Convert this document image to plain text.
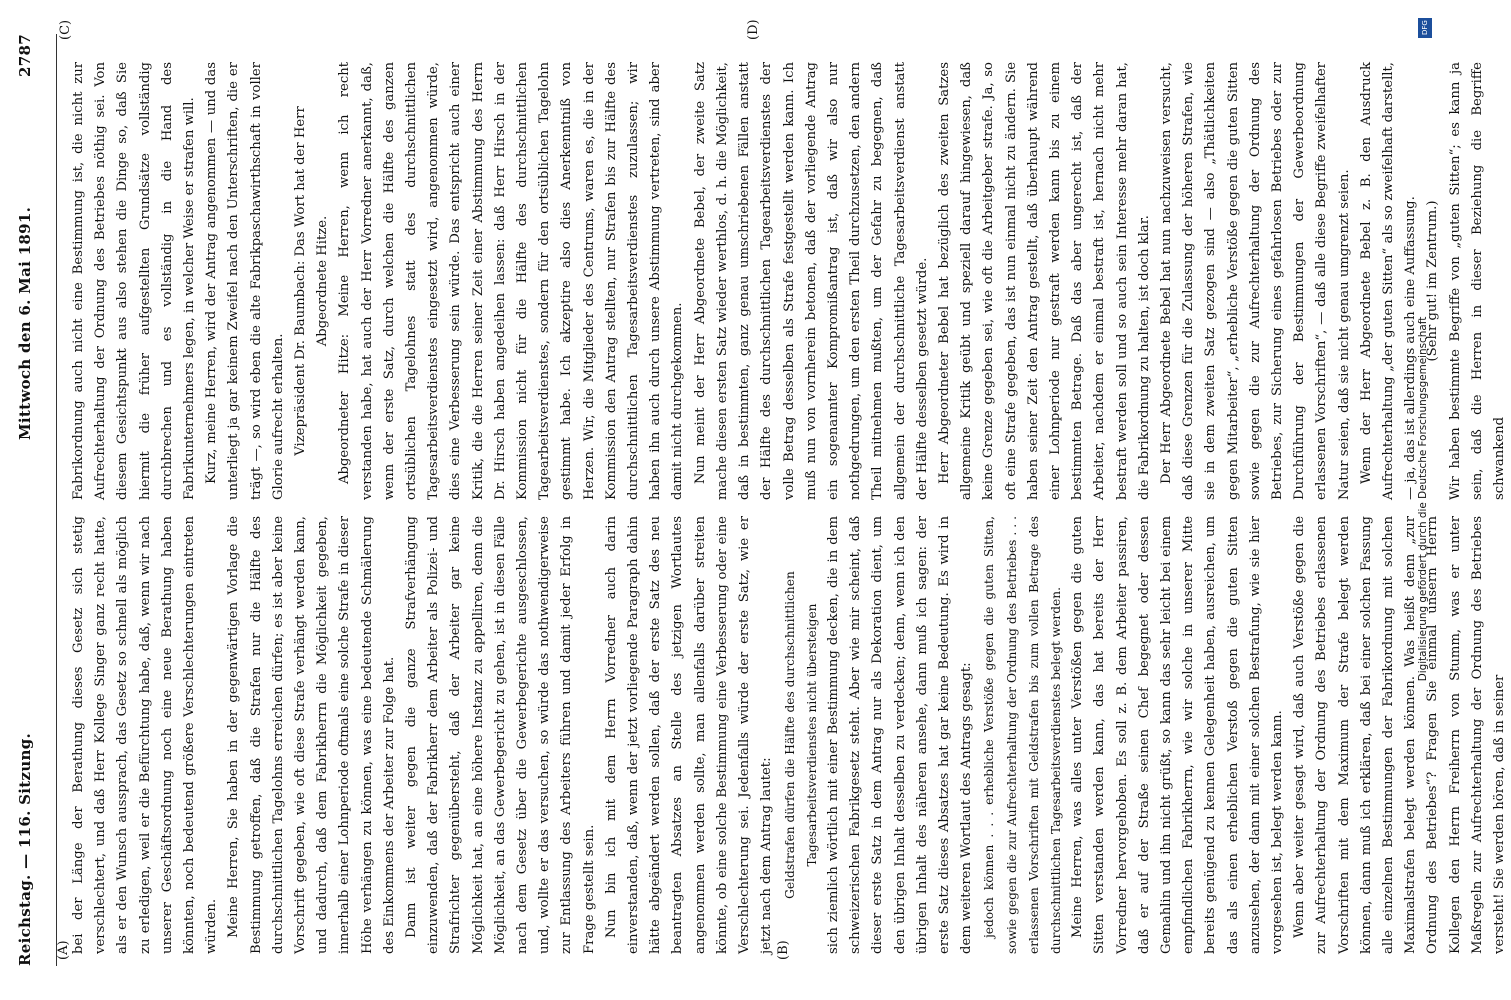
Reichstag. — 116. Sitzung.
Mittwoch den 6. Mai 1891.
2787
(A)	(B)
(C)	(D)

bei der Länge der Berathung dieses Gesetz sich stetig verschlechtert, und daß Herr Kollege Singer ganz recht hatte, als er den Wunsch aussprach, das Gesetz so schnell als möglich zu erledigen, weil er die Befürchtung habe, daß, wenn wir nach unserer Geschäftsordnung noch eine neue Berathung haben könnten, noch bedeutend größere Verschlechterungen eintreten würden. Meine Herren, Sie haben in der gegenwärtigen Vorlage die Bestimmung getroffen, daß die Strafen nur die Hälfte des durchschnittlichen Tagelohns erreichen dürfen; es ist aber keine Vorschrift gegeben, wie oft diese Strafe verhängt werden kann, und dadurch, daß dem Fabrikherrn die Möglichkeit gegeben, innerhalb einer Lohnperiode oftmals eine solche Strafe in dieser Höhe verhängen zu können, was eine bedeutende Schmälerung des Einkommens der Arbeiter zur Folge hat. Dann ist weiter gegen die ganze Strafverhängung einzuwenden, daß der Fabrikherr dem Arbeiter als Polizei- und Strafrichter gegenübersteht, daß der Arbeiter gar keine Möglichkeit hat, an eine höhere Instanz zu appelliren, denn die Möglichkeit, an das Gewerbegericht zu gehen, ist in diesen Fälle nach dem Gesetz über die Gewerbegerichte ausgeschlossen, und, wollte er das versuchen, so würde das nothwendigerweise zur Entlassung des Arbeiters führen und damit jeder Erfolg in Frage gestellt sein. Nun bin ich mit dem Herrn Vorredner auch darin einverstanden, daß, wenn der jetzt vorliegende Paragraph dahin hätte abgeändert werden sollen, daß der erste Satz des neu beantragten Absatzes an Stelle des jetzigen Wortlautes angenommen werden sollte, man allenfalls darüber streiten könnte, ob eine solche Bestimmung eine Verbesserung oder eine Verschlechterung sei. Jedenfalls würde der erste Satz, wie er jetzt nach dem Antrag lautet: Geldstrafen dürfen die Hälfte des durchschnittlichen Tagesarbeitsverdienstes nicht übersteigen sich ziemlich wörtlich mit einer Bestimmung decken, die in dem schweizerischen Fabrikgesetz steht. Aber wie mir scheint, daß dieser erste Satz in dem Antrag nur als Dekoration dient, um den übrigen Inhalt desselben zu verdecken; denn, wenn ich den übrigen Inhalt des näheren ansehe, dann muß ich sagen: der erste Satz dieses Absatzes hat gar keine Bedeutung. Es wird in dem weiteren Wortlaut des Antrags gesagt: jedoch können . . . erhebliche Verstöße gegen die guten Sitten, sowie gegen die zur Aufrechterhaltung der Ordnung des Betriebes . . . erlassenen Vorschriften mit Geldstrafen bis zum vollen Betrage des durchschnittlichen Tagesarbeitsverdienstes belegt werden. Meine Herren, was alles unter Verstößen gegen die guten Sitten verstanden werden kann, das hat bereits der Herr Vorredner hervorgehoben. Es soll z. B. dem Arbeiter passiren, daß er auf der Straße seinen Chef begegnet oder dessen Gemahlin und ihn nicht grüßt, so kann das sehr leicht bei einem empfindlichen Fabrikherrn, wie wir solche in unserer Mitte bereits genügend zu kennen Gelegenheit haben, ausreichen, um das als einen erheblichen Verstoß gegen die guten Sitten anzusehen, der dann mit einer solchen Bestrafung, wie sie hier vorgesehen ist, belegt werden kann. Wenn aber weiter gesagt wird, daß auch Verstöße gegen die zur Aufrechterhaltung der Ordnung des Betriebes erlassenen Vorschriften mit dem Maximum der Strafe belegt werden können, dann muß ich erklären, daß bei einer solchen Fassung alle einzelnen Bestimmungen der Fabrikordnung mit solchen Maximalstrafen belegt werden können. Was heißt denn „zur Ordnung des Betriebes“? Fragen Sie einmal unsern Herrn Kollegen den Herrn Freiherrn von Stumm, was er unter Maßregeln zur Aufrechterhaltung der Ordnung des Betriebes versteht! Sie werden hören, daß in seiner

Fabrikordnung auch nicht eine Bestimmung ist, die nicht zur Aufrechterhaltung der Ordnung des Betriebes nöthig sei. Von diesem Gesichtspunkt aus also stehen die Dinge so, daß Sie hiermit die früher aufgestellten Grundsätze vollständig durchbrechen und es vollständig in die Hand des Fabrikunternehmers legen, in welcher Weise er strafen will. Kurz, meine Herren, wird der Antrag angenommen — und das unterliegt ja gar keinem Zweifel nach den Unterschriften, die er trägt —, so wird eben die alte Fabrikpaschawirthschaft in voller Glorie aufrecht erhalten. Vizepräsident Dr. Baumbach: Das Wort hat der Herr Abgeordnete Hitze. Abgeordneter Hitze: Meine Herren, wenn ich recht verstanden habe, hat auch der Herr Vorredner anerkannt, daß, wenn der erste Satz, durch welchen die Hälfte des ganzen ortsüblichen Tagelohnes statt des durchschnittlichen Tagesarbeitsverdienstes eingesetzt wird, angenommen würde, dies eine Verbesserung sein würde. Das entspricht auch einer Kritik, die die Herren seiner Zeit einer Abstimmung des Herrn Dr. Hirsch haben angedeihen lassen: daß Herr Hirsch in der Kommission nicht für die Hälfte des durchschnittlichen Tagearbeitsverdienstes, sondern für den ortsüblichen Tagelohn gestimmt habe. Ich akzeptire also dies Anerkenntniß von Herzen. Wir, die Mitglieder des Centrums, waren es, die in der Kommission den Antrag stellten, nur Strafen bis zur Hälfte des durchschnittlichen Tagesarbeitsverdienstes zuzulassen; wir haben ihn auch durch unsere Abstimmung vertreten, sind aber damit nicht durchgekommen. Nun meint der Herr Abgeordnete Bebel, der zweite Satz mache diesen ersten Satz wieder werthlos, d. h. die Möglichkeit, daß in bestimmten, ganz genau umschriebenen Fällen anstatt der Hälfte des durchschnittlichen Tagearbeitsverdienstes der volle Betrag desselben als Strafe festgestellt werden kann. Ich muß nun von vornherein betonen, daß der vorliegende Antrag ein sogenannter Kompromißantrag ist, daß wir also nur nothgedrungen, um den ersten Theil durchzusetzen, den andern Theil mitnehmen mußten, um der Gefahr zu begegnen, daß allgemein der durchschnittliche Tagesarbeitsverdienst anstatt der Hälfte desselben gesetzt würde. Herr Abgeordneter Bebel hat bezüglich des zweiten Satzes allgemeine Kritik geübt und speziell darauf hingewiesen, daß keine Grenze gegeben sei, wie oft die Arbeitgeber strafe. Ja, so oft eine Strafe gegeben, das ist nun einmal nicht zu ändern. Sie haben seiner Zeit den Antrag gestellt, daß überhaupt während einer Lohnperiode nur gestraft werden kann bis zu einem bestimmten Betrage. Daß das aber ungerecht ist, daß der Arbeiter, nachdem er einmal bestraft ist, hernach nicht mehr bestraft werden soll und so auch sein Interesse mehr daran hat, die Fabrikordnung zu halten, ist doch klar. Der Herr Abgeordnete Bebel hat nun nachzuweisen versucht, daß diese Grenzen für die Zulassung der höheren Strafen, wie sie in dem zweiten Satz gezogen sind — also „Thätlichkeiten gegen Mitarbeiter“, „erhebliche Verstöße gegen die guten Sitten sowie gegen die zur Aufrechterhaltung der Ordnung des Betriebes, zur Sicherung eines gefahrlosen Betriebes oder zur Durchführung der Bestimmungen der Gewerbeordnung erlassenen Vorschriften“, — daß alle diese Begriffe zweifelhafter Natur seien, daß sie nicht genau umgrenzt seien. Wenn der Herr Abgeordnete Bebel z. B. den Ausdruck Aufrechterhaltung „der guten Sitten“ als so zweifelhaft darstellt, — ja, das ist allerdings auch eine Auffassung. (Sehr gut! im Zentrum.) Wir haben bestimmte Begriffe von „guten Sitten“; es kann ja sein, daß die Herren in dieser Beziehung die Begriffe schwankend

DFG
Digitalisierung gefördert durch die Deutsche Forschungsgemeinschaft
